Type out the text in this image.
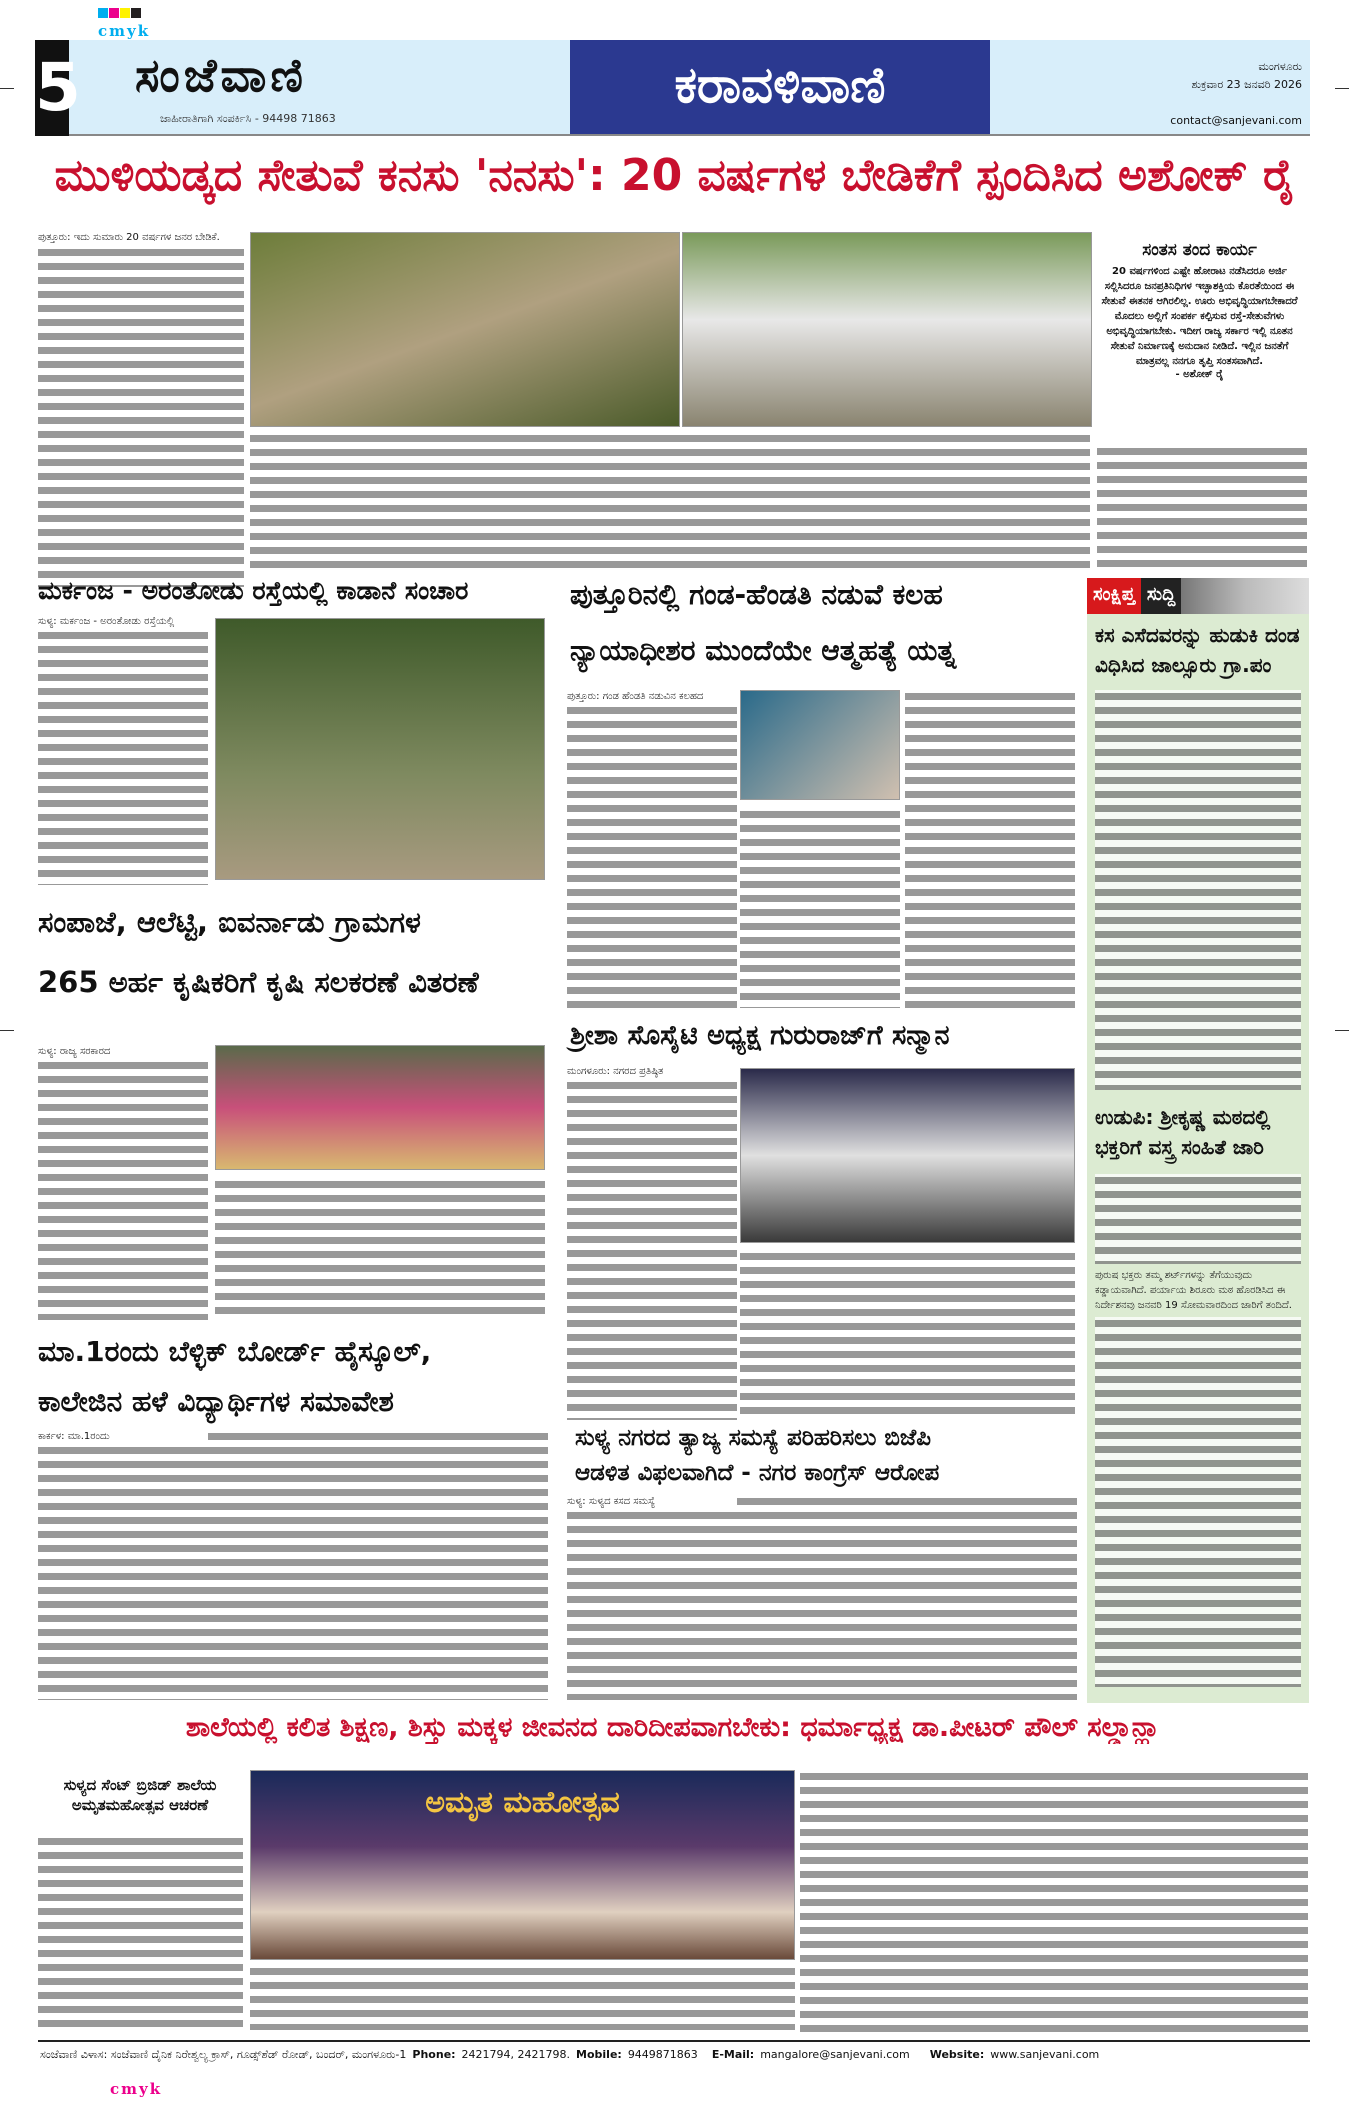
cmyk
cmyk
5 ಸಂಜೆವಾಣಿ
ಜಾಹೀರಾತಿಗಾಗಿ ಸಂಪರ್ಕಿಸಿ - 94498 71863
ಕರಾವಳಿವಾಣಿ	ಮಂಗಳೂರು
ಶುಕ್ರವಾರ 23 ಜನವರಿ 2026
contact@sanjevani.com
ಮುಳಿಯಡ್ಕದ ಸೇತುವೆ ಕನಸು 'ನನಸು': 20 ವರ್ಷಗಳ ಬೇಡಿಕೆಗೆ ಸ್ಪಂದಿಸಿದ ಅಶೋಕ್ ರೈ
ಪುತ್ತೂರು: ಇದು ಸುಮಾರು 20 ವರ್ಷಗಳ ಜನರ ಬೇಡಿಕೆ.
ಸಂತಸ ತಂದ ಕಾರ್ಯ
20 ವರ್ಷಗಳಿಂದ ಎಷ್ಟೇ ಹೋರಾಟ ನಡೆಸಿದರೂ ಅರ್ಜಿ ಸಲ್ಲಿಸಿದರೂ ಜನಪ್ರತಿನಿಧಿಗಳ ಇಚ್ಛಾಶಕ್ತಿಯ ಕೊರತೆಯಿಂದ ಈ ಸೇತುವೆ ಈತನಕ ಆಗಿರಲಿಲ್ಲ. ಊರು ಅಭಿವೃದ್ಧಿಯಾಗಬೇಕಾದರೆ ಮೊದಲು ಅಲ್ಲಿಗೆ ಸಂಪರ್ಕ ಕಲ್ಪಿಸುವ ರಸ್ತೆ-ಸೇತುವೆಗಳು ಅಭಿವೃದ್ಧಿಯಾಗಬೇಕು. ಇದೀಗ ರಾಜ್ಯ ಸರ್ಕಾರ ಇಲ್ಲಿ ನೂತನ ಸೇತುವೆ ನಿರ್ಮಾಣಕ್ಕೆ ಅನುದಾನ ನೀಡಿದೆ. ಇಲ್ಲಿನ ಜನತೆಗೆ ಮಾತ್ರವಲ್ಲ ನನಗೂ ತೃಪ್ತಿ ಸಂತಸವಾಗಿದೆ.
- ಅಶೋಕ್ ರೈ
ಮರ್ಕಂಜ - ಅರಂತೋಡು ರಸ್ತೆಯಲ್ಲಿ ಕಾಡಾನೆ ಸಂಚಾರ
ಸುಳ್ಯ: ಮರ್ಕಂಜ - ಅರಂತೋಡು ರಸ್ತೆಯಲ್ಲಿ
ಪುತ್ತೂರಿನಲ್ಲಿ ಗಂಡ-ಹೆಂಡತಿ ನಡುವೆ ಕಲಹ
ನ್ಯಾಯಾಧೀಶರ ಮುಂದೆಯೇ ಆತ್ಮಹತ್ಯೆ ಯತ್ನ
ಪುತ್ತೂರು: ಗಂಡ ಹೆಂಡತಿ ನಡುವಿನ ಕಲಹದ
ಸಂಪಾಜೆ, ಆಲೆಟ್ಟಿ, ಐವರ್ನಾಡು ಗ್ರಾಮಗಳ
265 ಅರ್ಹ ಕೃಷಿಕರಿಗೆ ಕೃಷಿ ಸಲಕರಣೆ ವಿತರಣೆ
ಸುಳ್ಯ: ರಾಜ್ಯ ಸರಕಾರದ
ಶ್ರೀಶಾ ಸೊಸೈಟಿ ಅಧ್ಯಕ್ಷ ಗುರುರಾಜ್‌ಗೆ ಸನ್ಮಾನ
ಮಂಗಳೂರು: ನಗರದ ಪ್ರತಿಷ್ಠಿತ
ಮಾ.1ರಂದು ಬೆಳ್ಳಿಕ್ ಬೋರ್ಡ್ ಹೈಸ್ಕೂಲ್,
ಕಾಲೇಜಿನ ಹಳೆ ವಿದ್ಯಾರ್ಥಿಗಳ ಸಮಾವೇಶ
ಕಾರ್ಕಳ: ಮಾ.1ರಂದು	ಸುಳ್ಯ ನಗರದ ತ್ಯಾಜ್ಯ ಸಮಸ್ಯೆ ಪರಿಹರಿಸಲು ಬಿಜೆಪಿ
ಆಡಳಿತ ವಿಫಲವಾಗಿದೆ - ನಗರ ಕಾಂಗ್ರೆಸ್ ಆರೋಪ
ಸುಳ್ಯ: ಸುಳ್ಯದ ಕಸದ ಸಮಸ್ಯೆ
ಸಂಕ್ಷಿಪ್ತ ಸುದ್ದಿ
ಕಸ ಎಸೆದವರನ್ನು ಹುಡುಕಿ ದಂಡ ವಿಧಿಸಿದ ಜಾಲ್ಸೂರು ಗ್ರಾ.ಪಂ
ಉಡುಪಿ: ಶ್ರೀಕೃಷ್ಣ ಮಠದಲ್ಲಿ ಭಕ್ತರಿಗೆ ವಸ್ತ್ರ ಸಂಹಿತೆ ಜಾರಿ
ಪುರುಷ ಭಕ್ತರು ತಮ್ಮ ಶರ್ಟ್‌ಗಳನ್ನು ತೆಗೆಯುವುದು ಕಡ್ಡಾಯವಾಗಿದೆ. ಪರ್ಯಾಯ ಶಿರೂರು ಮಠ ಹೊರಡಿಸಿದ ಈ ನಿರ್ದೇಶನವು ಜನವರಿ 19 ಸೋಮವಾರದಿಂದ ಜಾರಿಗೆ ತಂದಿದೆ.
ಶಾಲೆಯಲ್ಲಿ ಕಲಿತ ಶಿಕ್ಷಣ, ಶಿಸ್ತು ಮಕ್ಕಳ ಜೀವನದ ದಾರಿದೀಪವಾಗಬೇಕು: ಧರ್ಮಾಧ್ಯಕ್ಷ ಡಾ.ಪೀಟರ್ ಪೌಲ್ ಸಲ್ಡಾನ್ಹಾ
ಸುಳ್ಯದ ಸೆಂಟ್ ಬ್ರಿಜಿಡ್ ಶಾಲೆಯ ಅಮೃತಮಹೋತ್ಸವ ಆಚರಣೆ	ಅಮೃತ ಮಹೋತ್ಸವ
ಸಂಜೆವಾಣಿ ವಿಳಾಸ: ಸಂಜೆವಾಣಿ ದೈನಿಕ ನಿರೇಶ್ವಲ್ಯ ಕ್ರಾಸ್, ಗೂಡ್ಸ್‌ಶೆಡ್ ರೋಡ್, ಬಂದರ್, ಮಂಗಳೂರು-1 Phone: 2421794, 2421798. Mobile: 9449871863 E-Mail: mangalore@sanjevani.com Website: www.sanjevani.com
